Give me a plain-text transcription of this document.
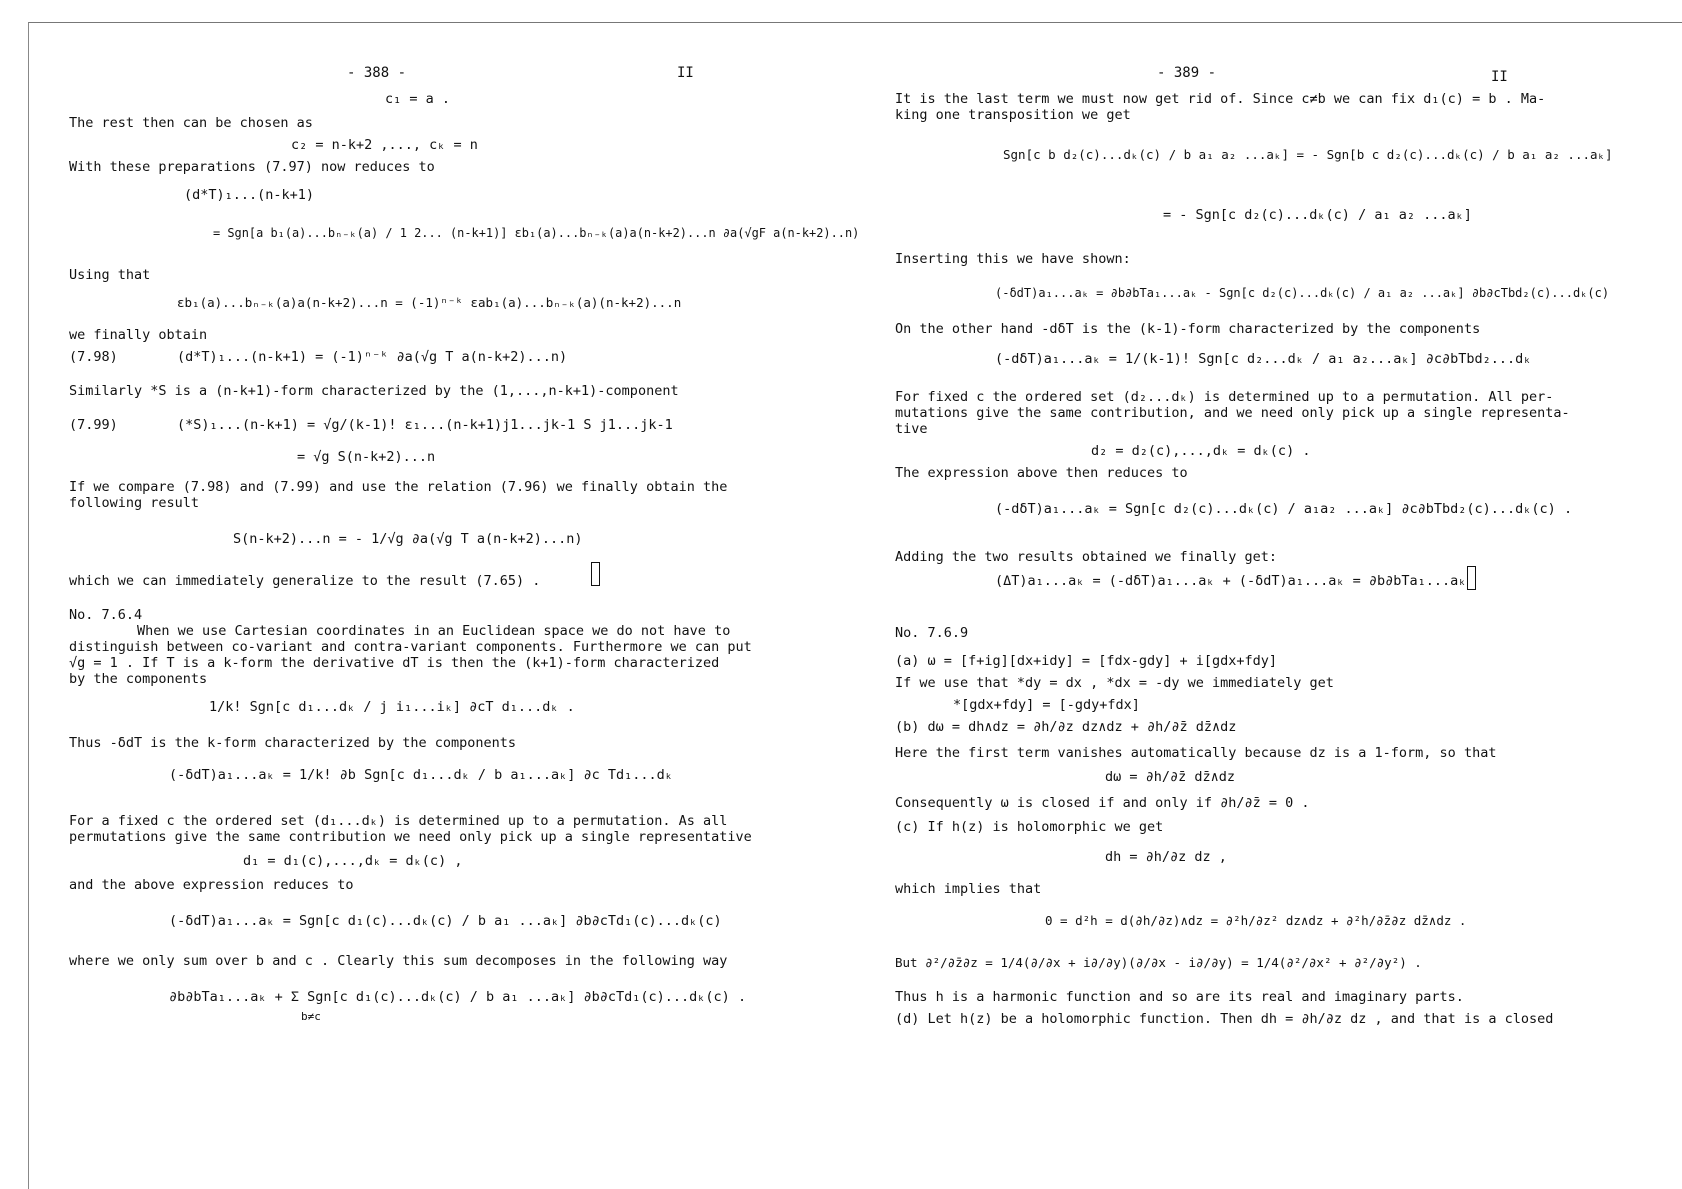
- 388 -	II
c₁ = a .
The rest then can be chosen as
c₂ = n-k+2 ,..., cₖ = n
With these preparations (7.97) now reduces to
(d*T)₁...(n-k+1)
= Sgn[a b₁(a)...bₙ₋ₖ(a) / 1 2... (n-k+1)] εb₁(a)...bₙ₋ₖ(a)a(n-k+2)...n ∂a(√gF a(n-k+2)..n)
Using that
εb₁(a)...bₙ₋ₖ(a)a(n-k+2)...n = (-1)ⁿ⁻ᵏ εab₁(a)...bₙ₋ₖ(a)(n-k+2)...n
we finally obtain
(7.98)	(d*T)₁...(n-k+1) = (-1)ⁿ⁻ᵏ ∂a(√g T a(n-k+2)...n)
Similarly *S is a (n-k+1)-form characterized by the (1,...,n-k+1)-component
(7.99)	(*S)₁...(n-k+1) = √g/(k-1)! ε₁...(n-k+1)j1...jk-1 S j1...jk-1
= √g S(n-k+2)...n
If we compare (7.98) and (7.99) and use the relation (7.96) we finally obtain the
following result
S(n-k+2)...n = - 1/√g ∂a(√g T a(n-k+2)...n)
which we can immediately generalize to the result (7.65) .
No. 7.6.4
When we use Cartesian coordinates in an Euclidean space we do not have to
distinguish between co-variant and contra-variant components. Furthermore we can put
√g = 1 . If T is a k-form the derivative dT is then the (k+1)-form characterized
by the components
1/k! Sgn[c d₁...dₖ / j i₁...iₖ] ∂cT d₁...dₖ .
Thus -δdT is the k-form characterized by the components
(-δdT)a₁...aₖ = 1/k! ∂b Sgn[c d₁...dₖ / b a₁...aₖ] ∂c Td₁...dₖ
For a fixed c the ordered set (d₁...dₖ) is determined up to a permutation. As all
permutations give the same contribution we need only pick up a single representative
d₁ = d₁(c),...,dₖ = dₖ(c) ,
and the above expression reduces to
(-δdT)a₁...aₖ = Sgn[c d₁(c)...dₖ(c) / b a₁ ...aₖ] ∂b∂cTd₁(c)...dₖ(c)
where we only sum over b and c . Clearly this sum decomposes in the following way
∂b∂bTa₁...aₖ + Σ Sgn[c d₁(c)...dₖ(c) / b a₁ ...aₖ] ∂b∂cTd₁(c)...dₖ(c) .
b≠c
- 389 -	II
It is the last term we must now get rid of. Since c≠b we can fix d₁(c) = b . Ma-
king one transposition we get
Sgn[c b d₂(c)...dₖ(c) / b a₁ a₂ ...aₖ] = - Sgn[b c d₂(c)...dₖ(c) / b a₁ a₂ ...aₖ]
= - Sgn[c d₂(c)...dₖ(c) / a₁ a₂ ...aₖ]
Inserting this we have shown:
(-δdT)a₁...aₖ = ∂b∂bTa₁...aₖ - Sgn[c d₂(c)...dₖ(c) / a₁ a₂ ...aₖ] ∂b∂cTbd₂(c)...dₖ(c)
On the other hand -dδT is the (k-1)-form characterized by the components
(-dδT)a₁...aₖ = 1/(k-1)! Sgn[c d₂...dₖ / a₁ a₂...aₖ] ∂c∂bTbd₂...dₖ
For fixed c the ordered set (d₂...dₖ) is determined up to a permutation. All per-
mutations give the same contribution, and we need only pick up a single representa-
tive
d₂ = d₂(c),...,dₖ = dₖ(c) .
The expression above then reduces to
(-dδT)a₁...aₖ = Sgn[c d₂(c)...dₖ(c) / a₁a₂ ...aₖ] ∂c∂bTbd₂(c)...dₖ(c) .
Adding the two results obtained we finally get:
(ΔT)a₁...aₖ = (-dδT)a₁...aₖ + (-δdT)a₁...aₖ = ∂b∂bTa₁...aₖ
No. 7.6.9
(a) ω = [f+ig][dx+idy] = [fdx-gdy] + i[gdx+fdy]
If we use that *dy = dx , *dx = -dy we immediately get
*[gdx+fdy] = [-gdy+fdx]
(b) dω = dh∧dz = ∂h/∂z dz∧dz + ∂h/∂z̄ dz̄∧dz
Here the first term vanishes automatically because dz is a 1-form, so that
dω = ∂h/∂z̄ dz̄∧dz
Consequently ω is closed if and only if ∂h/∂z̄ = 0 .
(c) If h(z) is holomorphic we get
dh = ∂h/∂z dz ,
which implies that
0 = d²h = d(∂h/∂z)∧dz = ∂²h/∂z² dz∧dz + ∂²h/∂z̄∂z dz̄∧dz .
But ∂²/∂z̄∂z = 1/4(∂/∂x + i∂/∂y)(∂/∂x - i∂/∂y) = 1/4(∂²/∂x² + ∂²/∂y²) .
Thus h is a harmonic function and so are its real and imaginary parts.
(d) Let h(z) be a holomorphic function. Then dh = ∂h/∂z dz , and that is a closed
